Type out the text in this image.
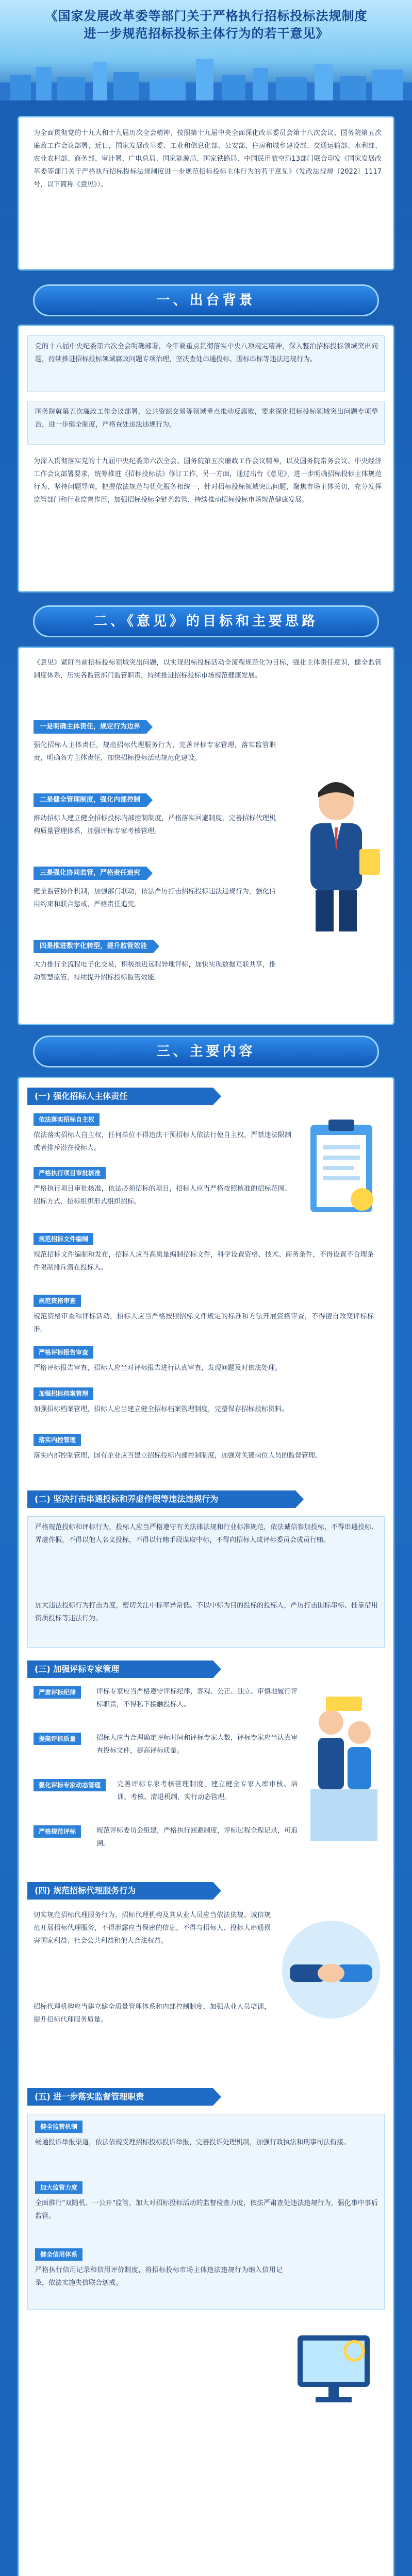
《国家发展改革委等部门关于严格执行招标投标法规制度
进一步规范招标投标主体行为的若干意见》
为全面贯彻党的十九大和十九届历次全会精神，按照第十九届中央全面深化改革委员会第十八次会议、国务院第五次廉政工作会议部署，近日，国家发展改革委、工业和信息化部、公安部、住房和城乡建设部、交通运输部、水利部、农业农村部、商务部、审计署、广电总局、国家能源局、国家铁路局、中国民用航空局13部门联合印发《国家发展改革委等部门关于严格执行招标投标法规制度进一步规范招标投标主体行为的若干意见》（发改法规规〔2022〕1117号，以下简称《意见》）。
一、出台背景
党的十八届中央纪委第六次全会明确部署，今年要重点贯彻落实中央八项规定精神，深入整治招标投标领域突出问题，持续推进招标投标领域腐败问题专项治理，坚决查处串通投标、围标串标等违法违规行为。
国务院就第五次廉政工作会议部署，公共资源交易等领域重点推动反腐败，要求深化招标投标领域突出问题专项整治，进一步健全制度，严格查处违法违规行为。
为深入贯彻落实党的十九届中央纪委第六次全会、国务院第五次廉政工作会议精神，以及国务院常务会议、中央经济工作会议部署要求，统筹推进《招标投标法》修订工作，另一方面，通过出台《意见》，进一步明确招标投标主体规范行为，坚持问题导向，把握依法规范与优化服务相统一，针对招标投标领域突出问题，聚焦市场主体关切，充分发挥监管部门和行业监督作用，加强招标投标全链条监管，持续推动招标投标市场规范健康发展。
二、《意见》的目标和主要思路
《意见》紧盯当前招标投标领域突出问题，以实现招标投标活动全流程规范化为目标，强化主体责任意识，健全监管制度体系，压实各监管部门监管职责，持续推进招标投标市场规范健康发展。
一是明确主体责任，规定行为边界
强化招标人主体责任，规范招标代理服务行为，完善评标专家管理，落实监管职责，明确各方主体责任，加快招标投标活动规范化建设。
二是健全管理制度，强化内部控制
推动招标人建立健全招标投标内部控制制度，严格落实回避制度，完善招标代理机构质量管理体系，加强评标专家考核管理。
三是强化协同监管，严格责任追究
健全监管协作机制，加强部门联动，依法严厉打击招标投标违法违规行为，强化信用约束和联合惩戒，严格责任追究。
四是推进数字化转型，提升监管效能
大力推行全流程电子化交易，积极推进远程异地评标，加快实现数据互联共享，推动智慧监管，持续提升招标投标监管效能。
三、主要内容
(一) 强化招标人主体责任
依法落实招标自主权
依法落实招标人自主权，任何单位不得违法干预招标人依法行使自主权，严禁违法限制或者排斥潜在投标人。
严格执行项目审批核准
严格执行项目审批核准，依法必须招标的项目，招标人应当严格按照核准的招标范围、招标方式、招标组织形式组织招标。
规范招标文件编制
规范招标文件编制和发布，招标人应当高质量编制招标文件，科学设置资格、技术、商务条件，不得设置不合理条件限制排斥潜在投标人。
规范资格审查
规范资格审查和评标活动，招标人应当严格按照招标文件规定的标准和方法开展资格审查，不得擅自改变评标标准。
严格评标报告审查
严格评标报告审查，招标人应当对评标报告进行认真审查，发现问题及时依法处理。
加强招标档案管理
加强招标档案管理，招标人应当建立健全招标档案管理制度，完整保存招标投标资料。
落实内控管理
落实内部控制管理，国有企业应当建立招标投标内部控制制度，加强对关键岗位人员的监督管理。
(二) 坚决打击串通投标和弄虚作假等违法违规行为
严格规范投标和评标行为，投标人应当严格遵守有关法律法规和行业标准规范，依法诚信参加投标，不得串通投标、弄虚作假，不得以他人名义投标，不得以行贿手段谋取中标，不得向招标人或评标委员会成员行贿。
加大违法投标行为打击力度，密切关注中标率异常低、不以中标为目的投标的投标人，严厉打击围标串标、挂靠借用资质投标等违法行为。
(三) 加强评标专家管理
严肃评标纪律	评标专家应当严格遵守评标纪律，客观、公正、独立、审慎地履行评标职责，不得私下接触投标人。
提高评标质量	招标人应当合理确定评标时间和评标专家人数，评标专家应当认真审查投标文件，提高评标质量。
强化评标专家动态管理	完善评标专家考核管理制度，建立健全专家入库审核、培训、考核、清退机制，实行动态管理。
严格规范评标	规范评标委员会组建，严格执行回避制度，评标过程全程记录，可追溯。
(四) 规范招标代理服务行为
切实规范招标代理服务行为，招标代理机构及其从业人员应当依法依规、诚信规范开展招标代理服务，不得泄露应当保密的信息，不得与招标人、投标人串通损害国家利益、社会公共利益和他人合法权益。
招标代理机构应当建立健全质量管理体系和内部控制制度，加强从业人员培训，提升招标代理服务质量。
(五) 进一步落实监督管理职责
健全监管机制
畅通投诉举报渠道，依法依规受理招标投标投诉举报，完善投诉处理机制，加强行政执法和刑事司法衔接。
加大监管力度
全面推行"双随机、一公开"监管，加大对招标投标活动的监督检查力度，依法严肃查处违法违规行为，强化事中事后监管。
健全信用体系
严格执行信用记录和信用评价制度，将招标投标市场主体违法违规行为纳入信用记录，依法实施失信联合惩戒。
